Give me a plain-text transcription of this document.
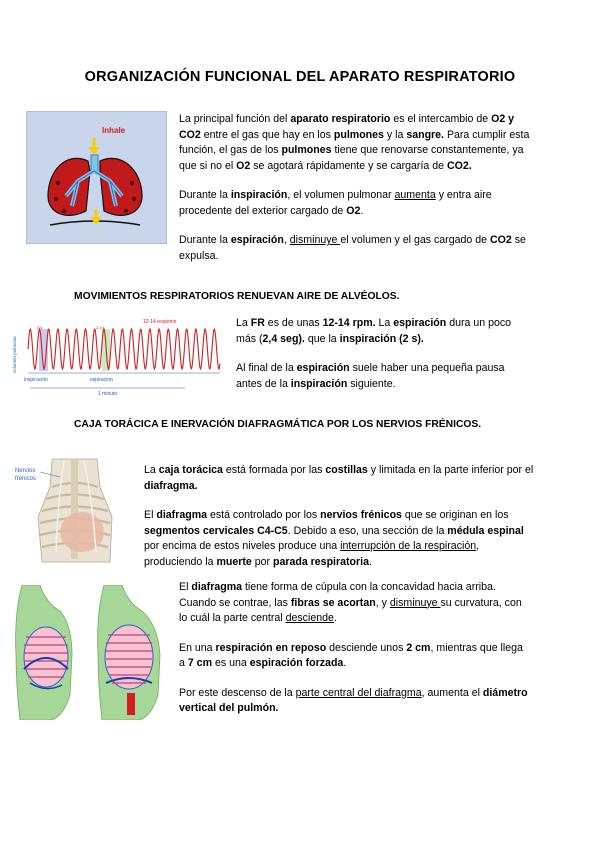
ORGANIZACIÓN FUNCIONAL DEL APARATO RESPIRATORIO
Inhale

La principal función del aparato respiratorio es el intercambio de O2 y CO2 entre el gas que hay en los pulmones y la sangre. Para cumplir esta función, el gas de los pulmones tiene que renovarse constantemente, ya que si no el O2 se agotará rápidamente y se cargaría de CO2.

Durante la inspiración, el volumen pulmonar aumenta y entra aire procedente del exterior cargado de O2.

Durante la espiración, disminuye el volumen y el gas cargado de CO2 se expulsa.

MOVIMIENTOS RESPIRATORIOS RENUEVAN AIRE DE ALVÉOLOS.
12-14 resp/min
volumen pulmonar
2 s	2,4 s
inspiración	espiración
1 minuto

La FR es de unas 12-14 rpm. La espiración dura un poco más (2,4 seg). que la inspiración (2 s).

Al final de la espiración suele haber una pequeña pausa antes de la inspiración siguiente.

CAJA TORÁCICA E INERVACIÓN DIAFRAGMÁTICA POR LOS NERVIOS FRÉNICOS.
Nervios
frénicos

La caja torácica está formada por las costillas y limitada en la parte inferior por el diafragma.

El diafragma está controlado por los nervios frénicos que se originan en los segmentos cervicales C4-C5. Debido a eso, una sección de la médula espinal por encima de estos niveles produce una interrupción de la respiración, produciendo la muerte por parada respiratoria.

El diafragma tiene forma de cúpula con la concavidad hacia arriba. Cuando se contrae, las fibras se acortan, y disminuye su curvatura, con lo cuál la parte central desciende.

En una respiración en reposo desciende unos 2 cm, mientras que llega a 7 cm es una espiración forzada.

Por este descenso de la parte central del diafragma, aumenta el diámetro vertical del pulmón.
